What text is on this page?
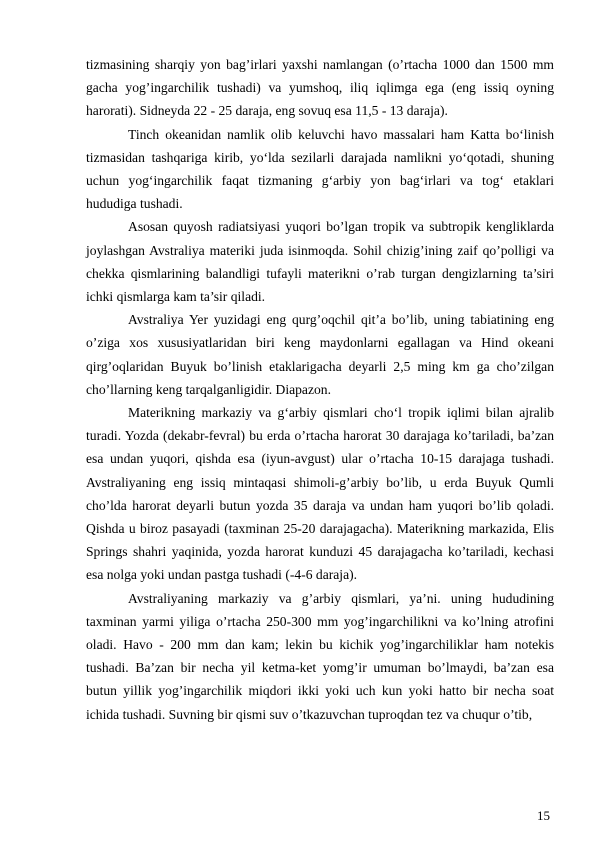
tizmasining sharqiy yon bag’irlari yaxshi namlangan (o’rtacha 1000 dan 1500 mm gacha yog’ingarchilik tushadi) va yumshoq, iliq iqlimga ega (eng issiq oyning harorati). Sidneyda 22 - 25 daraja, eng sovuq esa 11,5 - 13 daraja).

Tinch okeanidan namlik olib keluvchi havo massalari ham Katta bo‘linish tizmasidan tashqariga kirib, yo‘lda sezilarli darajada namlikni yo‘qotadi, shuning uchun yog‘ingarchilik faqat tizmaning g‘arbiy yon bag‘irlari va tog‘ etaklari hududiga tushadi.

Asosan quyosh radiatsiyasi yuqori bo’lgan tropik va subtropik kengliklarda joylashgan Avstraliya materiki juda isinmoqda. Sohil chizig’ining zaif qo’polligi va chekka qismlarining balandligi tufayli materikni o’rab turgan dengizlarning ta’siri ichki qismlarga kam ta’sir qiladi.

Avstraliya Yer yuzidagi eng qurg’oqchil qit’a bo’lib, uning tabiatining eng o’ziga xos xususiyatlaridan biri keng maydonlarni egallagan va Hind okeani qirg’oqlaridan Buyuk bo’linish etaklarigacha deyarli 2,5 ming km ga cho’zilgan cho’llarning keng tarqalganligidir. Diapazon.

Materikning markaziy va g‘arbiy qismlari cho‘l tropik iqlimi bilan ajralib turadi. Yozda (dekabr-fevral) bu erda o’rtacha harorat 30 darajaga ko’tariladi, ba’zan esa undan yuqori, qishda esa (iyun-avgust) ular o’rtacha 10-15 darajaga tushadi. Avstraliyaning eng issiq mintaqasi shimoli-g’arbiy bo’lib, u erda Buyuk Qumli cho’lda harorat deyarli butun yozda 35 daraja va undan ham yuqori bo’lib qoladi. Qishda u biroz pasayadi (taxminan 25-20 darajagacha). Materikning markazida, Elis Springs shahri yaqinida, yozda harorat kunduzi 45 darajagacha ko’tariladi, kechasi esa nolga yoki undan pastga tushadi (-4-6 daraja).

Avstraliyaning markaziy va g’arbiy qismlari, ya’ni. uning hududining taxminan yarmi yiliga o’rtacha 250-300 mm yog’ingarchilikni va ko’lning atrofini oladi. Havo - 200 mm dan kam; lekin bu kichik yog’ingarchiliklar ham notekis tushadi. Ba’zan bir necha yil ketma-ket yomg’ir umuman bo’lmaydi, ba’zan esa butun yillik yog’ingarchilik miqdori ikki yoki uch kun yoki hatto bir necha soat ichida tushadi. Suvning bir qismi suv o’tkazuvchan tuproqdan tez va chuqur o’tib,

15
